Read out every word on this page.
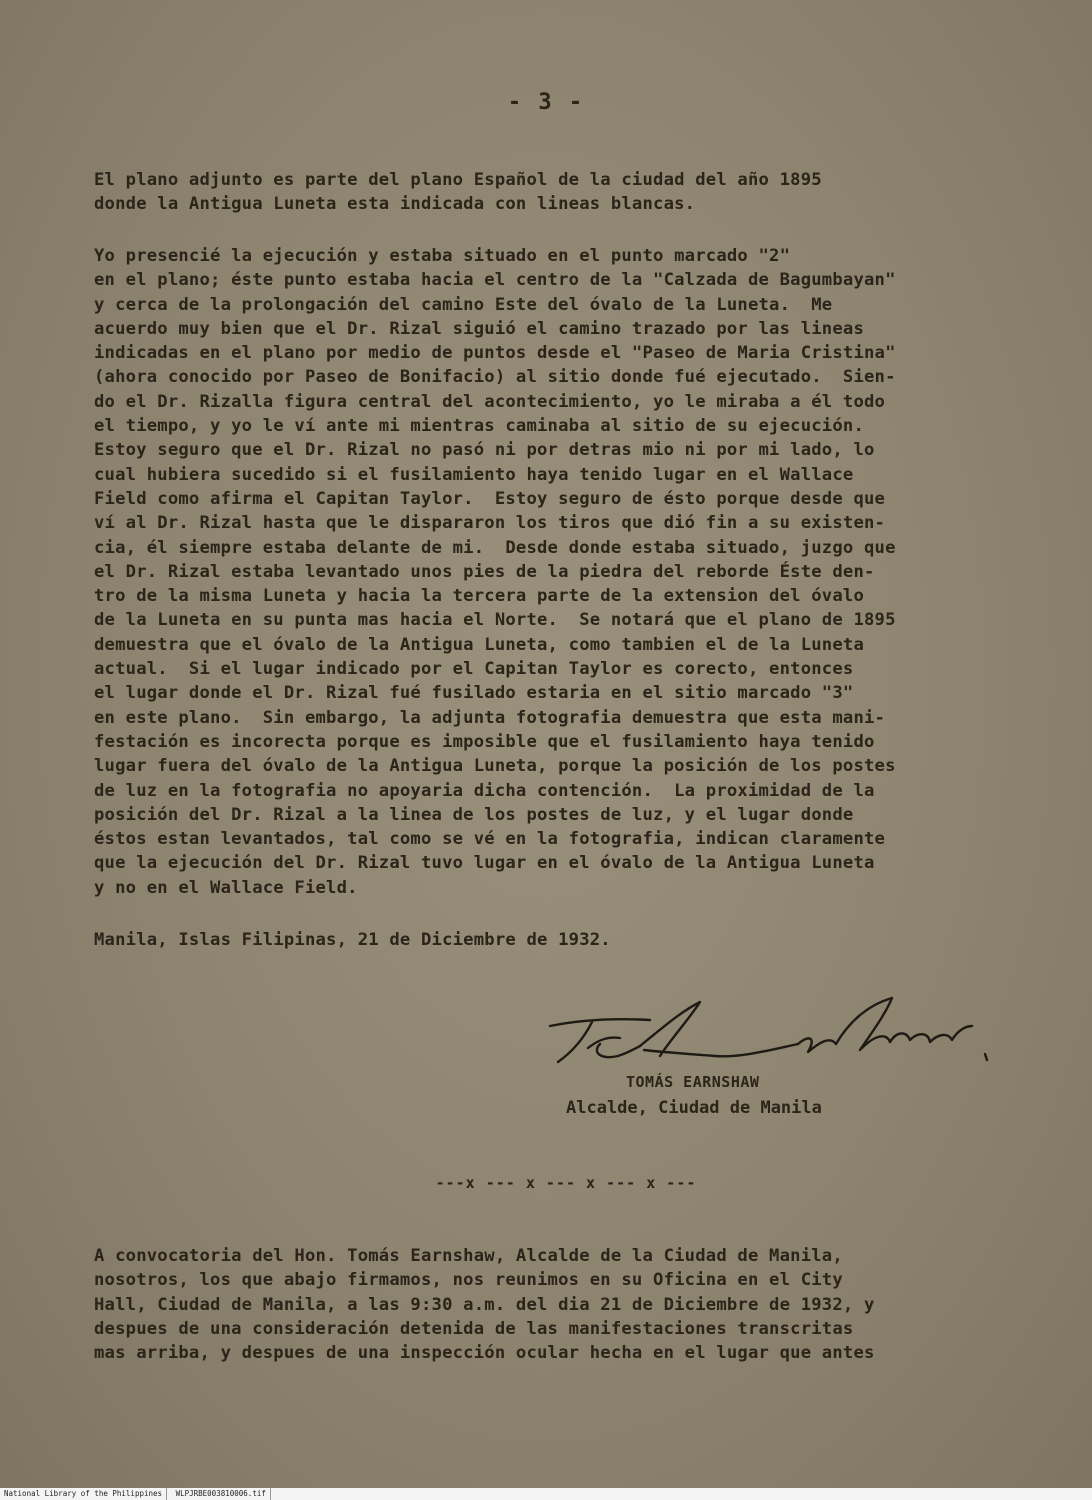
- 3 -
El plano adjunto es parte del plano Español de la ciudad del año 1895
donde la Antigua Luneta esta indicada con lineas blancas.
Yo presencié la ejecución y estaba situado en el punto marcado "2"
en el plano; éste punto estaba hacia el centro de la "Calzada de Bagumbayan"
y cerca de la prolongación del camino Este del óvalo de la Luneta.  Me
acuerdo muy bien que el Dr. Rizal siguió el camino trazado por las lineas
indicadas en el plano por medio de puntos desde el "Paseo de Maria Cristina"
(ahora conocido por Paseo de Bonifacio) al sitio donde fué ejecutado.  Sien-
do el Dr. Rizalla figura central del acontecimiento, yo le miraba a él todo
el tiempo, y yo le ví ante mi mientras caminaba al sitio de su ejecución.
Estoy seguro que el Dr. Rizal no pasó ni por detras mio ni por mi lado, lo
cual hubiera sucedido si el fusilamiento haya tenido lugar en el Wallace
Field como afirma el Capitan Taylor.  Estoy seguro de ésto porque desde que
ví al Dr. Rizal hasta que le dispararon los tiros que dió fin a su existen-
cia, él siempre estaba delante de mi.  Desde donde estaba situado, juzgo que
el Dr. Rizal estaba levantado unos pies de la piedra del reborde Éste den-
tro de la misma Luneta y hacia la tercera parte de la extension del óvalo
de la Luneta en su punta mas hacia el Norte.  Se notará que el plano de 1895
demuestra que el óvalo de la Antigua Luneta, como tambien el de la Luneta
actual.  Si el lugar indicado por el Capitan Taylor es corecto, entonces
el lugar donde el Dr. Rizal fué fusilado estaria en el sitio marcado "3"
en este plano.  Sin embargo, la adjunta fotografia demuestra que esta mani-
festación es incorecta porque es imposible que el fusilamiento haya tenido
lugar fuera del óvalo de la Antigua Luneta, porque la posición de los postes
de luz en la fotografia no apoyaria dicha contención.  La proximidad de la
posición del Dr. Rizal a la linea de los postes de luz, y el lugar donde
éstos estan levantados, tal como se vé en la fotografia, indican claramente
que la ejecución del Dr. Rizal tuvo lugar en el óvalo de la Antigua Luneta
y no en el Wallace Field.
Manila, Islas Filipinas, 21 de Diciembre de 1932.
TOMÁS EARNSHAW
Alcalde, Ciudad de Manila
---x --- x --- x --- x ---
A convocatoria del Hon. Tomás Earnshaw, Alcalde de la Ciudad de Manila,
nosotros, los que abajo firmamos, nos reunimos en su Oficina en el City
Hall, Ciudad de Manila, a las 9:30 a.m. del dia 21 de Diciembre de 1932, y
despues de una consideración detenida de las manifestaciones transcritas
mas arriba, y despues de una inspección ocular hecha en el lugar que antes
National Library of the Philippines WLPJRBE003810006.tif
